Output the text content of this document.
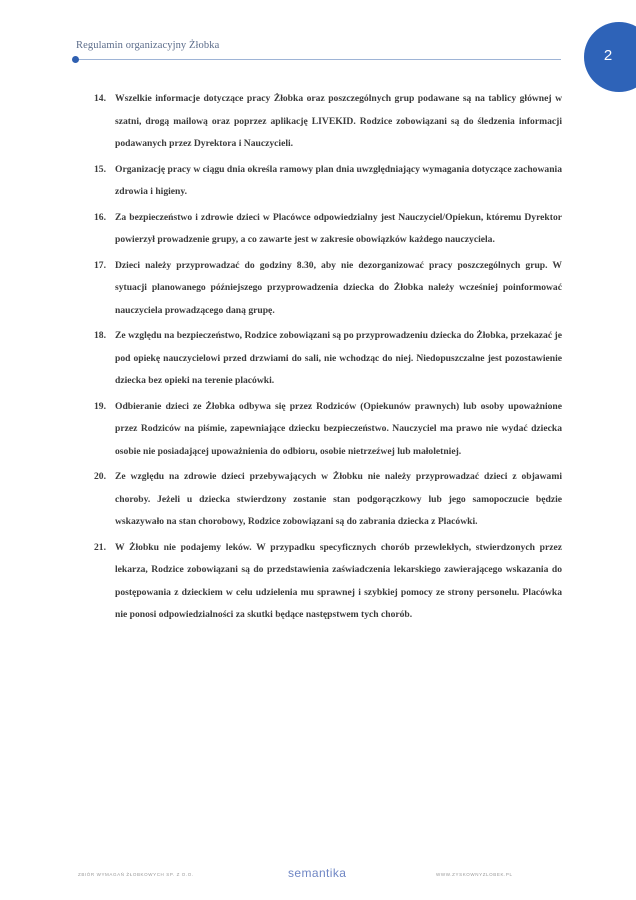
Regulamin organizacyjny Żłobka
2
14. Wszelkie informacje dotyczące pracy Żłobka oraz poszczególnych grup podawane są na tablicy głównej w szatni, drogą mailową oraz poprzez aplikację LIVEKID. Rodzice zobowiązani są do śledzenia informacji podawanych przez Dyrektora i Nauczycieli.
15. Organizację pracy w ciągu dnia określa ramowy plan dnia uwzględniający wymagania dotyczące zachowania zdrowia i higieny.
16. Za bezpieczeństwo i zdrowie dzieci w Placówce odpowiedzialny jest Nauczyciel/Opiekun, któremu Dyrektor powierzył prowadzenie grupy, a co zawarte jest w zakresie obowiązków każdego nauczyciela.
17. Dzieci należy przyprowadzać do godziny 8.30, aby nie dezorganizować pracy poszczególnych grup. W sytuacji planowanego późniejszego przyprowadzenia dziecka do Żłobka należy wcześniej poinformować nauczyciela prowadzącego daną grupę.
18. Ze względu na bezpieczeństwo, Rodzice zobowiązani są po przyprowadzeniu dziecka do Żłobka, przekazać je pod opiekę nauczycielowi przed drzwiami do sali, nie wchodząc do niej. Niedopuszczalne jest pozostawienie dziecka bez opieki na terenie placówki.
19. Odbieranie dzieci ze Żłobka odbywa się przez Rodziców (Opiekunów prawnych) lub osoby upoważnione przez Rodziców na piśmie, zapewniające dziecku bezpieczeństwo. Nauczyciel ma prawo nie wydać dziecka osobie nie posiadającej upoważnienia do odbioru, osobie nietrzeźwej lub małoletniej.
20. Ze względu na zdrowie dzieci przebywających w Żłobku nie należy przyprowadzać dzieci z objawami choroby. Jeżeli u dziecka stwierdzony zostanie stan podgorączkowy lub jego samopoczucie będzie wskazywało na stan chorobowy, Rodzice zobowiązani są do zabrania dziecka z Placówki.
21. W Żłobku nie podajemy leków. W przypadku specyficznych chorób przewlekłych, stwierdzonych przez lekarza, Rodzice zobowiązani są do przedstawienia zaświadczenia lekarskiego zawierającego wskazania do postępowania z dzieckiem w celu udzielenia mu sprawnej i szybkiej pomocy ze strony personelu. Placówka nie ponosi odpowiedzialności za skutki będące następstwem tych chorób.
ZBIÓR WYMAGAŃ ŻŁOBKOWYCH SP. Z O.O.	semantika	WWW.ZYSKOWNYZLOBEK.PL
